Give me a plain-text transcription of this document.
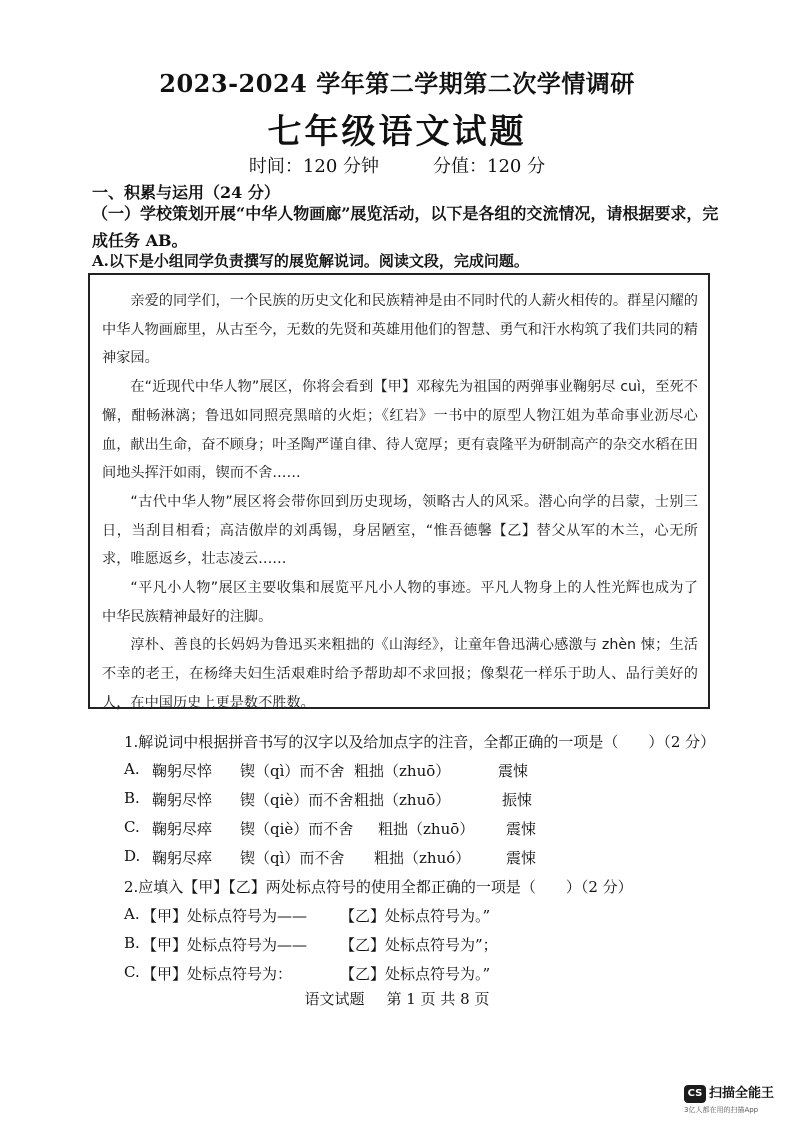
2023-2024 学年第二学期第二次学情调研
七年级语文试题
时间：120 分钟	分值：120 分
一、积累与运用（24 分）
（一）学校策划开展“中华人物画廊”展览活动，以下是各组的交流情况，请根据要求，完成任务 AB。
A.以下是小组同学负责撰写的展览解说词。阅读文段，完成问题。

亲爱的同学们，一个民族的历史文化和民族精神是由不同时代的人薪火相传的。群星闪耀的中华人物画廊里，从古至今，无数的先贤和英雄用他们的智慧、勇气和汗水构筑了我们共同的精神家园。

在“近现代中华人物”展区，你将会看到【甲】邓稼先为祖国的两弹事业鞠躬尽 cuì，至死不懈，酣畅淋漓；鲁迅如同照亮黑暗的火炬；《红岩》一书中的原型人物江姐为革命事业沥尽心血，献出生命，奋不顾身；叶圣陶严谨自律、待人宽厚；更有袁隆平为研制高产的杂交水稻在田间地头挥汗如雨，锲而不舍……

“古代中华人物”展区将会带你回到历史现场，领略古人的风采。潜心向学的吕蒙，士别三日，当刮目相看；高洁傲岸的刘禹锡，身居陋室，“惟吾德馨【乙】替父从军的木兰，心无所求，唯愿返乡，壮志凌云……

“平凡小人物”展区主要收集和展览平凡小人物的事迹。平凡人物身上的人性光辉也成为了中华民族精神最好的注脚。

淳朴、善良的长妈妈为鲁迅买来粗拙的《山海经》，让童年鲁迅满心感激与 zhèn 悚；生活不幸的老王，在杨绛夫妇生活艰难时给予帮助却不求回报；像梨花一样乐于助人、品行美好的人，在中国历史上更是数不胜数。

1.解说词中根据拼音书写的汉字以及给加点字的注音，全都正确的一项是（　　）（2 分）
A. 鞠躬尽悴 锲（qì）而不舍 粗拙（zhuō）	震悚
B. 鞠躬尽悴 锲（qiè）而不舍 粗拙（zhuō）	振悚
C. 鞠躬尽瘁 锲（qiè）而不舍 粗拙（zhuō） 震悚
D. 鞠躬尽瘁 锲（qì）而不舍 粗拙（zhuó） 震悚
2.应填入【甲】【乙】两处标点符号的使用全都正确的一项是（　　）（2 分）
A. 【甲】处标点符号为—— 【乙】处标点符号为。”
B. 【甲】处标点符号为—— 【乙】处标点符号为”；
C. 【甲】处标点符号为：	【乙】处标点符号为。”
语文试题 第 1 页 共 8 页
CS 扫描全能王
3亿人都在用的扫描App
